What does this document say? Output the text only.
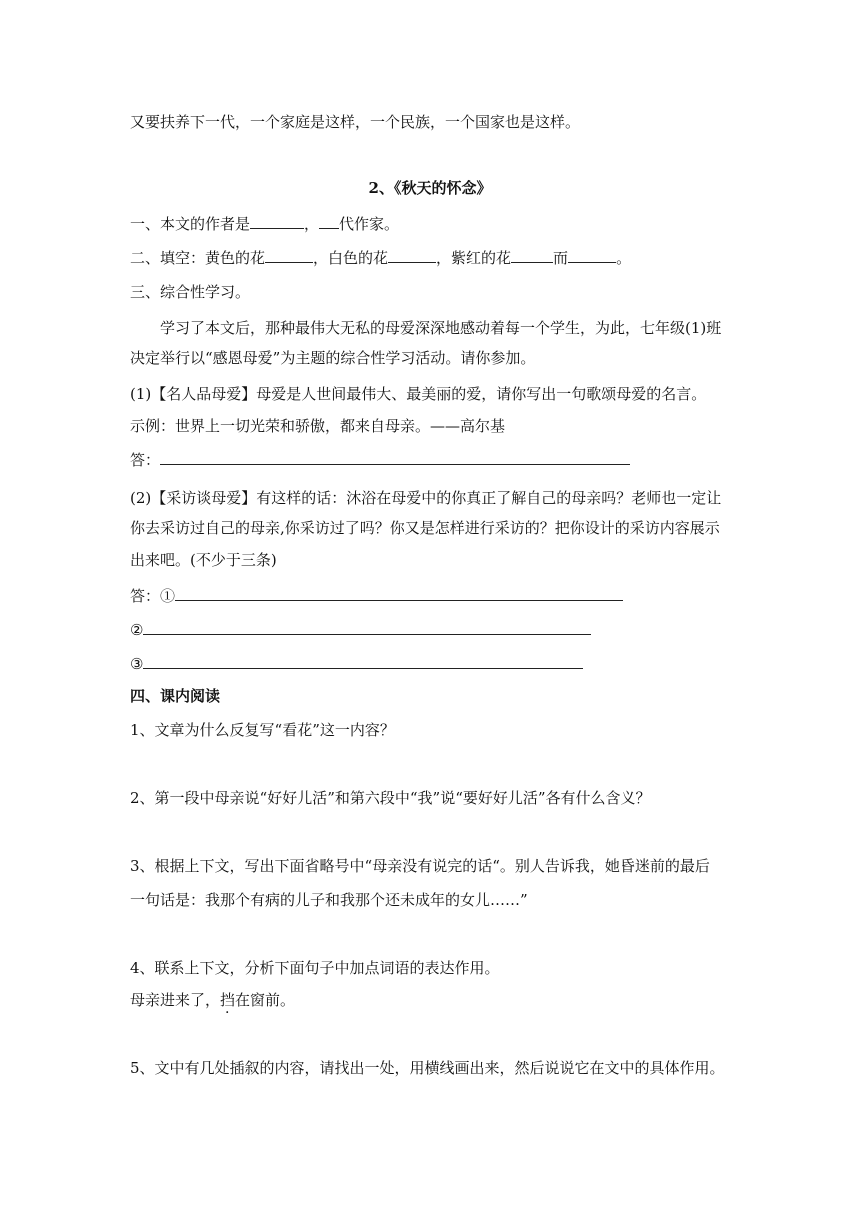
又要扶养下一代，一个家庭是这样，一个民族，一个国家也是这样。
2、《秋天的怀念》
一、本文的作者是	， 代作家。
二、填空：黄色的花	，白色的花	，紫红的花	而	。
三、综合性学习。
学习了本文后，那种最伟大无私的母爱深深地感动着每一个学生，为此，七年级(1)班
决定举行以“感恩母爱”为主题的综合性学习活动。请你参加。
(1)【名人品母爱】母爱是人世间最伟大、最美丽的爱，请你写出一句歌颂母爱的名言。
示例：世界上一切光荣和骄傲，都来自母亲。——高尔基
答：
(2)【采访谈母爱】有这样的话：沐浴在母爱中的你真正了解自己的母亲吗？老师也一定让
你去采访过自己的母亲,你采访过了吗？你又是怎样进行采访的？把你设计的采访内容展示
出来吧。(不少于三条)
答：①
②
③
四、课内阅读
1、文章为什么反复写“看花”这一内容？
2、第一段中母亲说“好好儿活”和第六段中“我”说“要好好儿活”各有什么含义？
3、根据上下文，写出下面省略号中“母亲没有说完的话“。别人告诉我，她昏迷前的最后
一句话是：我那个有病的儿子和我那个还未成年的女儿……”
4、联系上下文，分析下面句子中加点词语的表达作用。
母亲进来了，挡在窗前。
5、文中有几处插叙的内容，请找出一处，用横线画出来，然后说说它在文中的具体作用。
